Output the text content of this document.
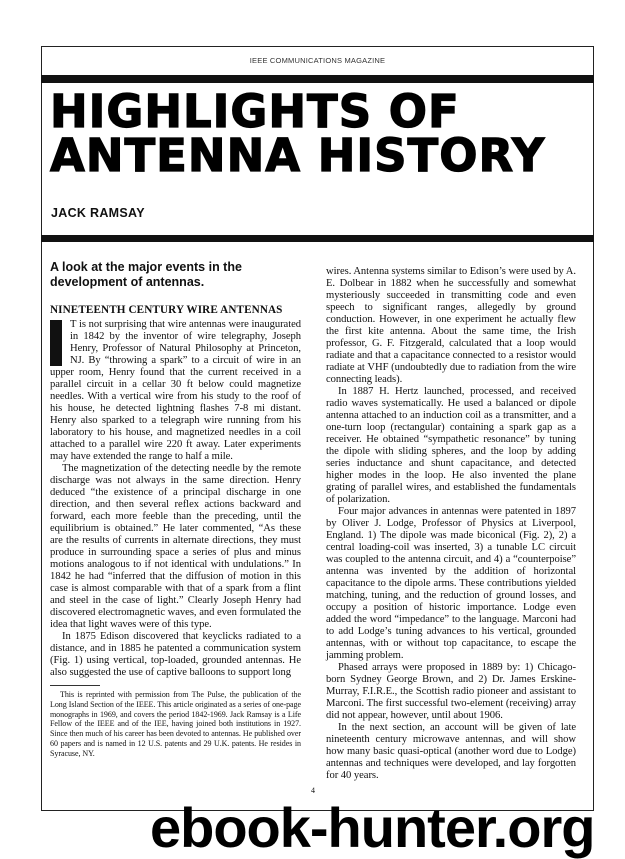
IEEE COMMUNICATIONS MAGAZINE
HIGHLIGHTS OF
ANTENNA HISTORY
JACK RAMSAY
A look at the major events in the development of antennas.
NINETEENTH CENTURY WIRE ANTENNAS

T is not surprising that wire antennas were inaugurated in 1842 by the inventor of wire telegraphy, Joseph Henry, Professor of Natural Philosophy at Princeton, NJ. By “throwing a spark” to a circuit of wire in an upper room, Henry found that the current received in a parallel circuit in a cellar 30 ft below could magnetize needles. With a vertical wire from his study to the roof of his house, he detected lightning flashes 7-8 mi distant. Henry also sparked to a telegraph wire running from his laboratory to his house, and magnetized needles in a coil attached to a parallel wire 220 ft away. Later experiments may have extended the range to half a mile.

The magnetization of the detecting needle by the remote discharge was not always in the same direction. Henry deduced “the existence of a principal discharge in one direction, and then several reflex actions backward and forward, each more feeble than the preceding, until the equilibrium is obtained.” He later commented, “As these are the results of currents in alternate directions, they must produce in surrounding space a series of plus and minus motions analogous to if not identical with undulations.” In 1842 he had “inferred that the diffusion of motion in this case is almost comparable with that of a spark from a flint and steel in the case of light.” Clearly Joseph Henry had discovered electromagnetic waves, and even formulated the idea that light waves were of this type.

In 1875 Edison discovered that keyclicks radiated to a distance, and in 1885 he patented a communication system (Fig. 1) using vertical, top-loaded, grounded antennas. He also suggested the use of captive balloons to support long

This is reprinted with permission from The Pulse, the publication of the Long Island Section of the IEEE. This article originated as a series of one-page monographs in 1969, and covers the period 1842-1969. Jack Ramsay is a Life Fellow of the IEEE and of the IEE, having joined both institutions in 1927. Since then much of his career has been devoted to antennas. He published over 60 papers and is named in 12 U.S. patents and 29 U.K. patents. He resides in Syracuse, NY.

wires. Antenna systems similar to Edison’s were used by A. E. Dolbear in 1882 when he successfully and somewhat mysteriously succeeded in transmitting code and even speech to significant ranges, allegedly by ground conduction. However, in one experiment he actually flew the first kite antenna. About the same time, the Irish professor, G. F. Fitzgerald, calculated that a loop would radiate and that a capacitance connected to a resistor would radiate at VHF (undoubtedly due to radiation from the wire connecting leads).

In 1887 H. Hertz launched, processed, and received radio waves systematically. He used a balanced or dipole antenna attached to an induction coil as a transmitter, and a one-turn loop (rectangular) containing a spark gap as a receiver. He obtained “sympathetic resonance” by tuning the dipole with sliding spheres, and the loop by adding series inductance and shunt capacitance, and detected higher modes in the loop. He also invented the plane grating of parallel wires, and established the fundamentals of polarization.

Four major advances in antennas were patented in 1897 by Oliver J. Lodge, Professor of Physics at Liverpool, England. 1) The dipole was made biconical (Fig. 2), 2) a central loading-coil was inserted, 3) a tunable LC circuit was coupled to the antenna circuit, and 4) a “counterpoise” antenna was invented by the addition of horizontal capacitance to the dipole arms. These contributions yielded matching, tuning, and the reduction of ground losses, and occupy a position of historic importance. Lodge even added the word “impedance” to the language. Marconi had to add Lodge’s tuning advances to his vertical, grounded antennas, with or without top capacitance, to escape the jamming problem.

Phased arrays were proposed in 1889 by: 1) Chicago-born Sydney George Brown, and 2) Dr. James Erskine-Murray, F.I.R.E., the Scottish radio pioneer and assistant to Marconi. The first successful two-element (receiving) array did not appear, however, until about 1906.

In the next section, an account will be given of late nineteenth century microwave antennas, and will show how many basic quasi-optical (another word due to Lodge) antennas and techniques were developed, and lay forgotten for 40 years.

4
ebook-hunter.org
